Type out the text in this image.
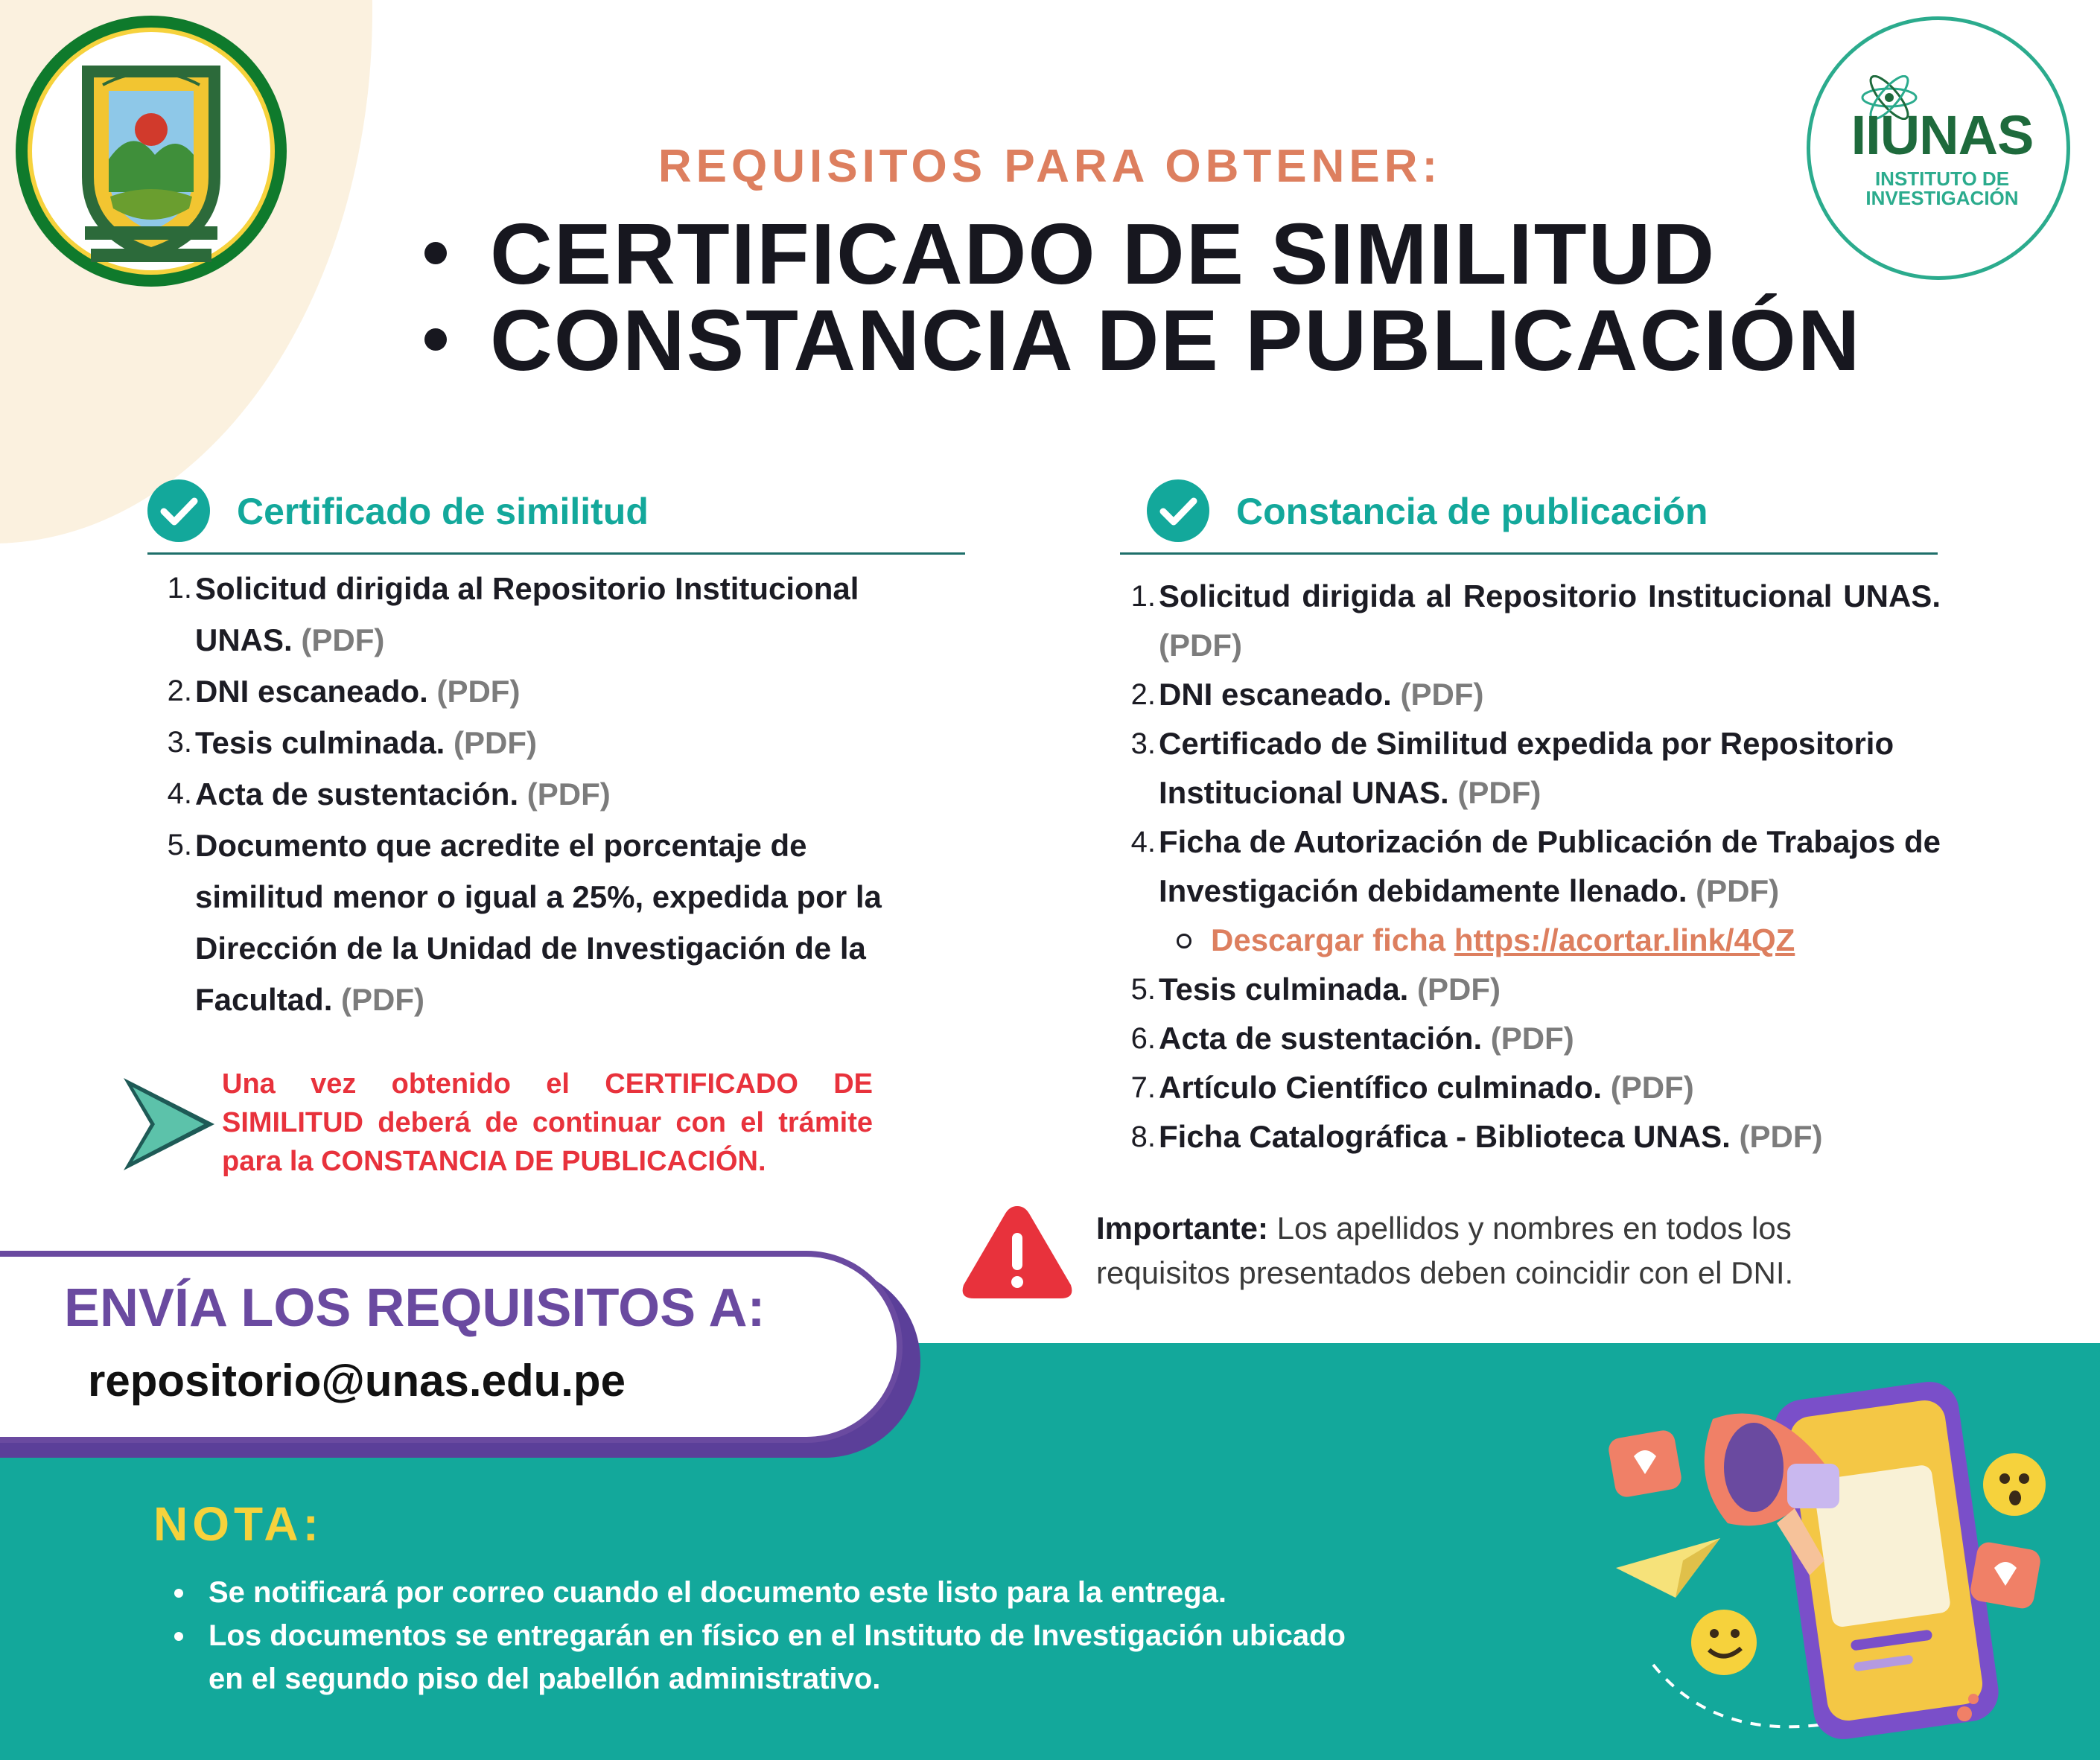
IIUNAS
INSTITUTO DE
INVESTIGACIÓN
REQUISITOS PARA OBTENER:
CERTIFICADO DE SIMILITUD
CONSTANCIA DE PUBLICACIÓN
Certificado de similitud
1. Solicitud dirigida al Repositorio Institucional UNAS. (PDF)
2. DNI escaneado. (PDF)
3. Tesis culminada. (PDF)
4. Acta de sustentación. (PDF)
5. Documento que acredite el porcentaje de similitud menor o igual a 25%, expedida por la Dirección de la Unidad de Investigación de la Facultad. (PDF)
Una vez obtenido el CERTIFICADO DE SIMILITUD deberá de continuar con el trámite para la CONSTANCIA DE PUBLICACIÓN.
Constancia de publicación
1. Solicitud dirigida al Repositorio Institucional UNAS. (PDF)
2. DNI escaneado. (PDF)
3. Certificado de Similitud expedida por Repositorio Institucional UNAS. (PDF)
4. Ficha de Autorización de Publicación de Trabajos de Investigación debidamente llenado. (PDF)
Descargar ficha https://acortar.link/4QZ
5. Tesis culminada. (PDF)
6. Acta de sustentación. (PDF)
7. Artículo Científico culminado. (PDF)
8. Ficha Catalográfica - Biblioteca UNAS. (PDF)
Importante: Los apellidos y nombres en todos los requisitos presentados deben coincidir con el DNI.
ENVÍA LOS REQUISITOS A:
repositorio@unas.edu.pe
NOTA:
Se notificará por correo cuando el documento este listo para la entrega.
Los documentos se entregarán en físico en el Instituto de Investigación ubicado en el segundo piso del pabellón administrativo.
